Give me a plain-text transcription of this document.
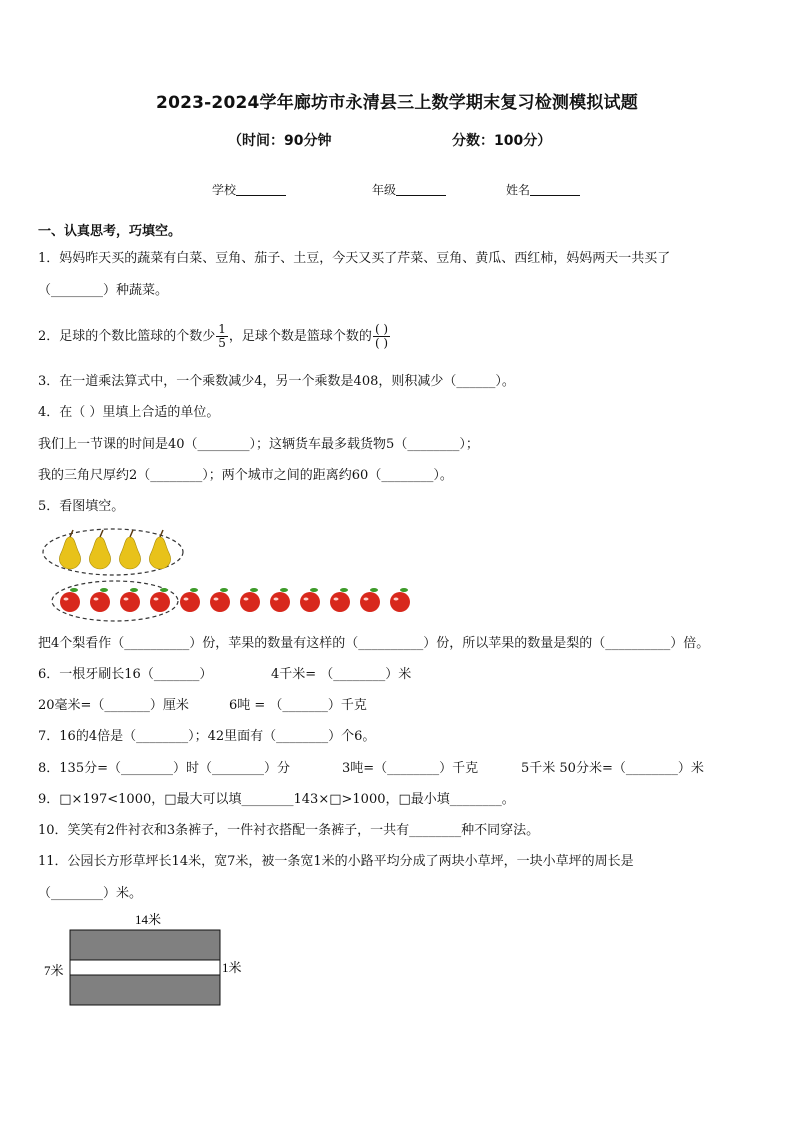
2023-2024学年廊坊市永清县三上数学期末复习检测模拟试题
（时间：90分钟	分数：100分）
学校	年级	姓名
一、认真思考，巧填空。
1．妈妈昨天买的蔬菜有白菜、豆角、茄子、土豆，今天又买了芹菜、豆角、黄瓜、西红柿，妈妈两天一共买了
（________）种蔬菜。
2．足球的个数比篮球的个数少 $\frac{1}{5}$ ，足球个数是篮球个数的 $\frac{( )}{( )}$
3．在一道乘法算式中，一个乘数减少4，另一个乘数是408，则积减少（______）。
4．在（ ）里填上合适的单位。
我们上一节课的时间是40（________）；这辆货车最多载货物5（________）；
我的三角尺厚约2（________）；两个城市之间的距离约60（________）。
5．看图填空。
把4个梨看作（__________）份，苹果的数量有这样的（__________）份，所以苹果的数量是梨的（__________）倍。
6．一根牙刷长16（_______）	4千米= （________）米
20毫米=（_______）厘米	6吨 = （_______）千克
7．16的4倍是（________）；42里面有（________）个6。
8．135分=（________）时（________）分	3吨=（________）千克	5千米 50分米=（________）米
9．□×197<1000，□最大可以填________143×□>1000，□最小填________。
10．笑笑有2件衬衣和3条裤子，一件衬衣搭配一条裤子，一共有________种不同穿法。
11．公园长方形草坪长14米，宽7米，被一条宽1米的小路平均分成了两块小草坪，一块小草坪的周长是
（________）米。
14米
7米	1米
